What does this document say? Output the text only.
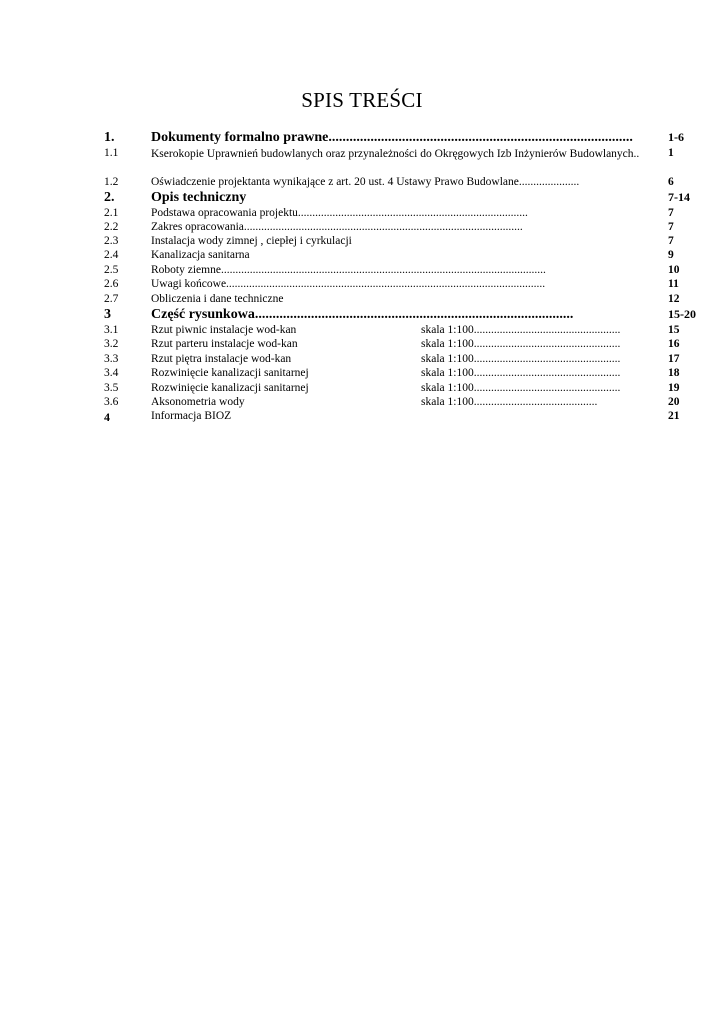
SPIS TREŚCI
1.	Dokumenty formalno prawne.......................................................................................	1-6
1.1	Kserokopie Uprawnień budowlanych oraz przynależności do Okręgowych Izb Inżynierów Budowlanych..	1
1.2	Oświadczenie projektanta wynikające z art. 20 ust. 4 Ustawy Prawo Budowlane.....................	6
2.	Opis techniczny	7-14
2.1	Podstawa opracowania projektu................................................................................	7
2.2	Zakres opracowania.................................................................................................	7
2.3	Instalacja wody zimnej , ciepłej i cyrkulacji	7
2.4	Kanalizacja sanitarna	9
2.5	Roboty ziemne.................................................................................................................	10
2.6	Uwagi końcowe...............................................................................................................	11
2.7	Obliczenia i dane techniczne	12
3	Część rysunkowa...........................................................................................	15-20
3.1	Rzut piwnic instalacje wod-kan	skala 1:100...................................................	15
3.2	Rzut parteru instalacje wod-kan	skala 1:100...................................................	16
3.3	Rzut piętra instalacje wod-kan	skala 1:100...................................................	17
3.4	Rozwinięcie kanalizacji sanitarnej	skala 1:100...................................................	18
3.5	Rozwinięcie kanalizacji sanitarnej	skala 1:100...................................................	19
3.6	Aksonometria wody	skala 1:100...........................................	20
4	Informacja BIOZ	21
